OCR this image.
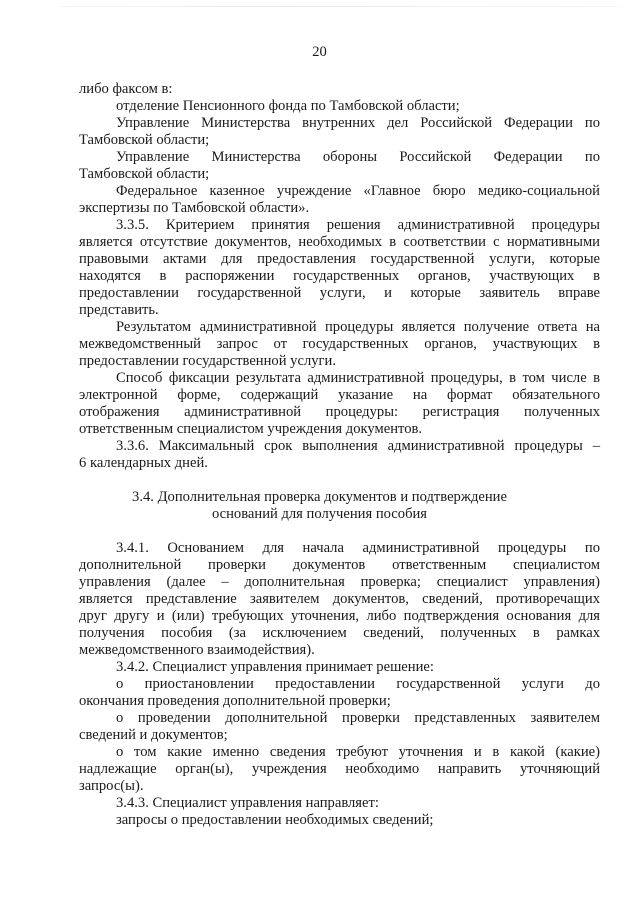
20
либо факсом в:
отделение Пенсионного фонда по Тамбовской области;
Управление Министерства внутренних дел Российской Федерации по
Тамбовской области;
Управление Министерства обороны Российской Федерации по
Тамбовской области;
Федеральное казенное учреждение «Главное бюро медико-социальной
экспертизы по Тамбовской области».
3.3.5. Критерием принятия решения административной процедуры
является отсутствие документов, необходимых в соответствии с нормативными
правовыми актами для предоставления государственной услуги, которые
находятся в распоряжении государственных органов, участвующих в
предоставлении государственной услуги, и которые заявитель вправе
представить.
Результатом административной процедуры является получение ответа на
межведомственный запрос от государственных органов, участвующих в
предоставлении государственной услуги.
Способ фиксации результата административной процедуры, в том числе в
электронной форме, содержащий указание на формат обязательного
отображения административной процедуры: регистрация полученных
ответственным специалистом учреждения документов.
3.3.6. Максимальный срок выполнения административной процедуры –
6 календарных дней.
3.4. Дополнительная проверка документов и подтверждение
оснований для получения пособия
3.4.1. Основанием для начала административной процедуры по
дополнительной проверки документов ответственным специалистом
управления (далее – дополнительная проверка; специалист управления)
является представление заявителем документов, сведений, противоречащих
друг другу и (или) требующих уточнения, либо подтверждения основания для
получения пособия (за исключением сведений, полученных в рамках
межведомственного взаимодействия).
3.4.2. Специалист управления принимает решение:
о приостановлении предоставлении государственной услуги до
окончания проведения дополнительной проверки;
о проведении дополнительной проверки представленных заявителем
сведений и документов;
о том какие именно сведения требуют уточнения и в какой (какие)
надлежащие орган(ы), учреждения необходимо направить уточняющий
запрос(ы).
3.4.3. Специалист управления направляет:
запросы о предоставлении необходимых сведений;
